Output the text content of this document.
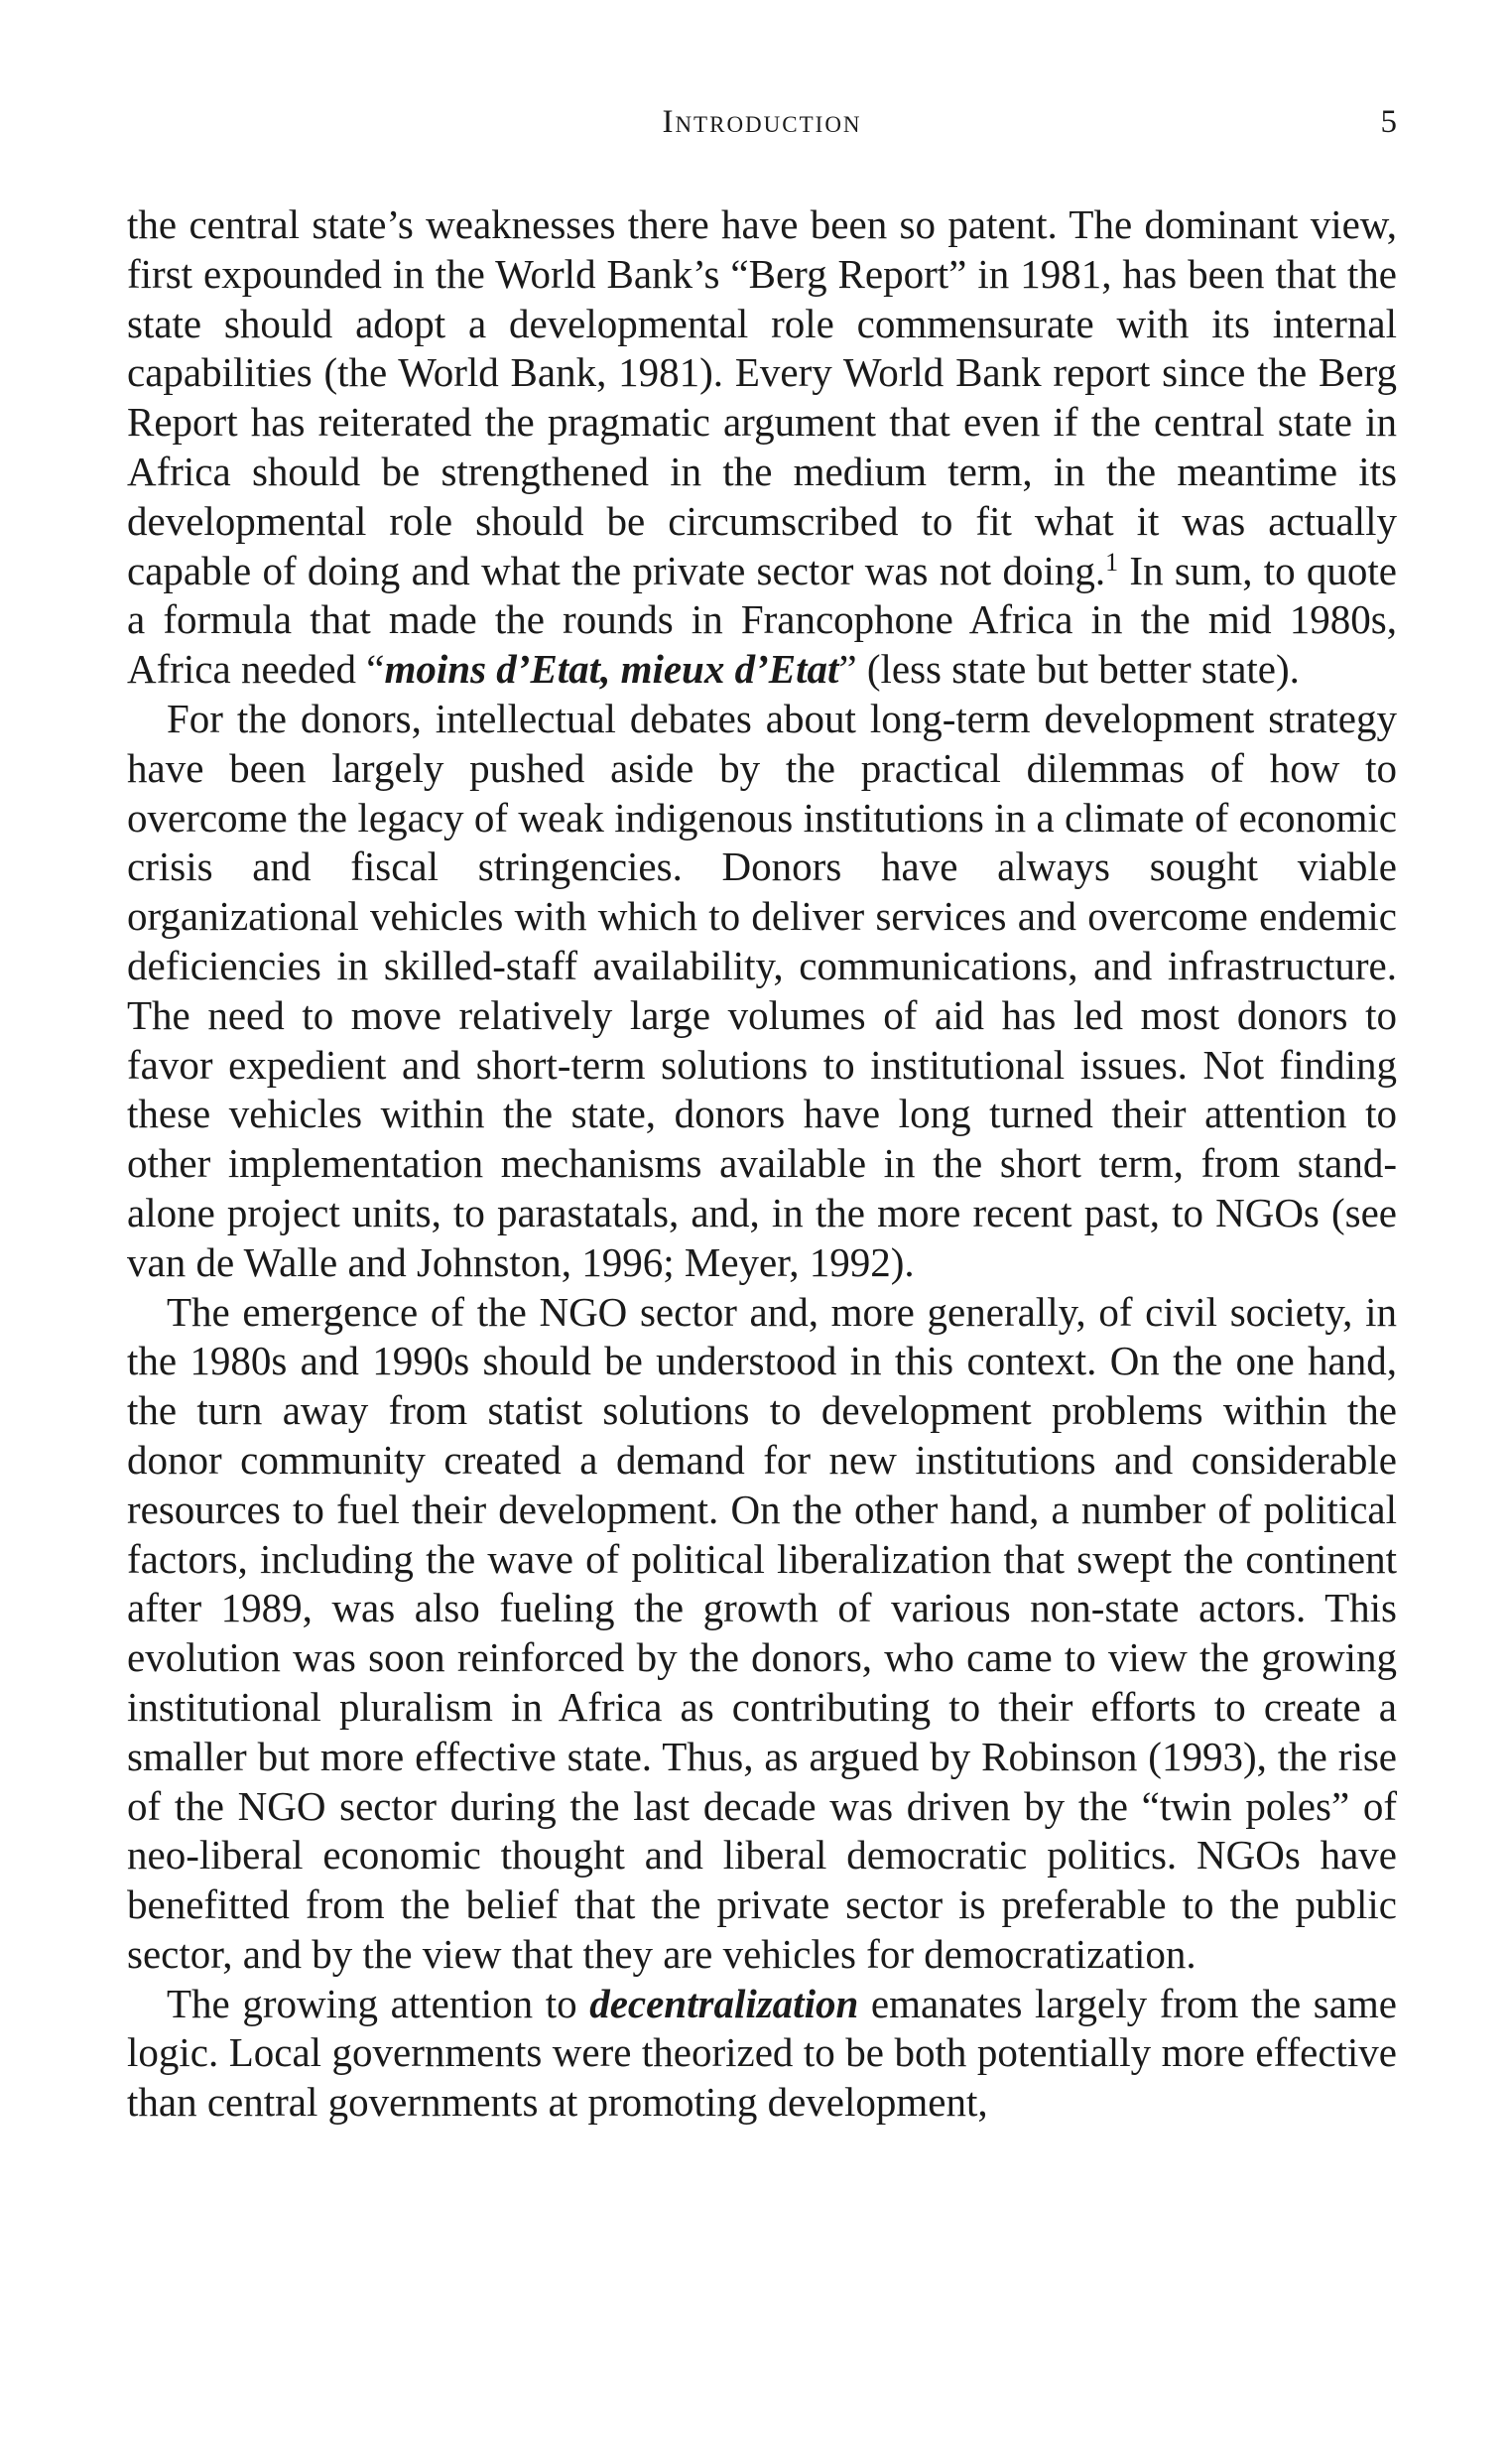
Introduction	5

the central state’s weaknesses there have been so patent. The dominant view, first expounded in the World Bank’s “Berg Report” in 1981, has been that the state should adopt a developmental role commensurate with its internal capabilities (the World Bank, 1981). Every World Bank report since the Berg Report has reiterated the pragmatic argument that even if the central state in Africa should be strengthened in the medium term, in the meantime its developmental role should be circumscribed to fit what it was actually capable of doing and what the private sector was not doing.$^1$ In sum, to quote a formula that made the rounds in Francophone Africa in the mid 1980s, Africa needed “moins d’Etat, mieux d’Etat” (less state but better state).

For the donors, intellectual debates about long-term development strategy have been largely pushed aside by the practical dilemmas of how to overcome the legacy of weak indigenous institutions in a climate of economic crisis and fiscal stringencies. Donors have always sought viable organizational vehicles with which to deliver services and overcome endemic deficiencies in skilled-staff availability, communications, and infrastructure. The need to move relatively large volumes of aid has led most donors to favor expedient and short-term solutions to institutional issues. Not finding these vehicles within the state, donors have long turned their attention to other implementation mechanisms available in the short term, from stand-alone project units, to parastatals, and, in the more recent past, to NGOs (see van de Walle and Johnston, 1996; Meyer, 1992).

The emergence of the NGO sector and, more generally, of civil society, in the 1980s and 1990s should be understood in this context. On the one hand, the turn away from statist solutions to development problems within the donor community created a demand for new institutions and considerable resources to fuel their development. On the other hand, a number of political factors, including the wave of political liberalization that swept the continent after 1989, was also fueling the growth of various non-state actors. This evolution was soon reinforced by the donors, who came to view the growing institutional pluralism in Africa as contributing to their efforts to create a smaller but more effective state. Thus, as argued by Robinson (1993), the rise of the NGO sector during the last decade was driven by the “twin poles” of neo-liberal economic thought and liberal democratic politics. NGOs have benefitted from the belief that the private sector is preferable to the public sector, and by the view that they are vehicles for democratization.

The growing attention to decentralization emanates largely from the same logic. Local governments were theorized to be both potentially more effective than central governments at promoting development,
